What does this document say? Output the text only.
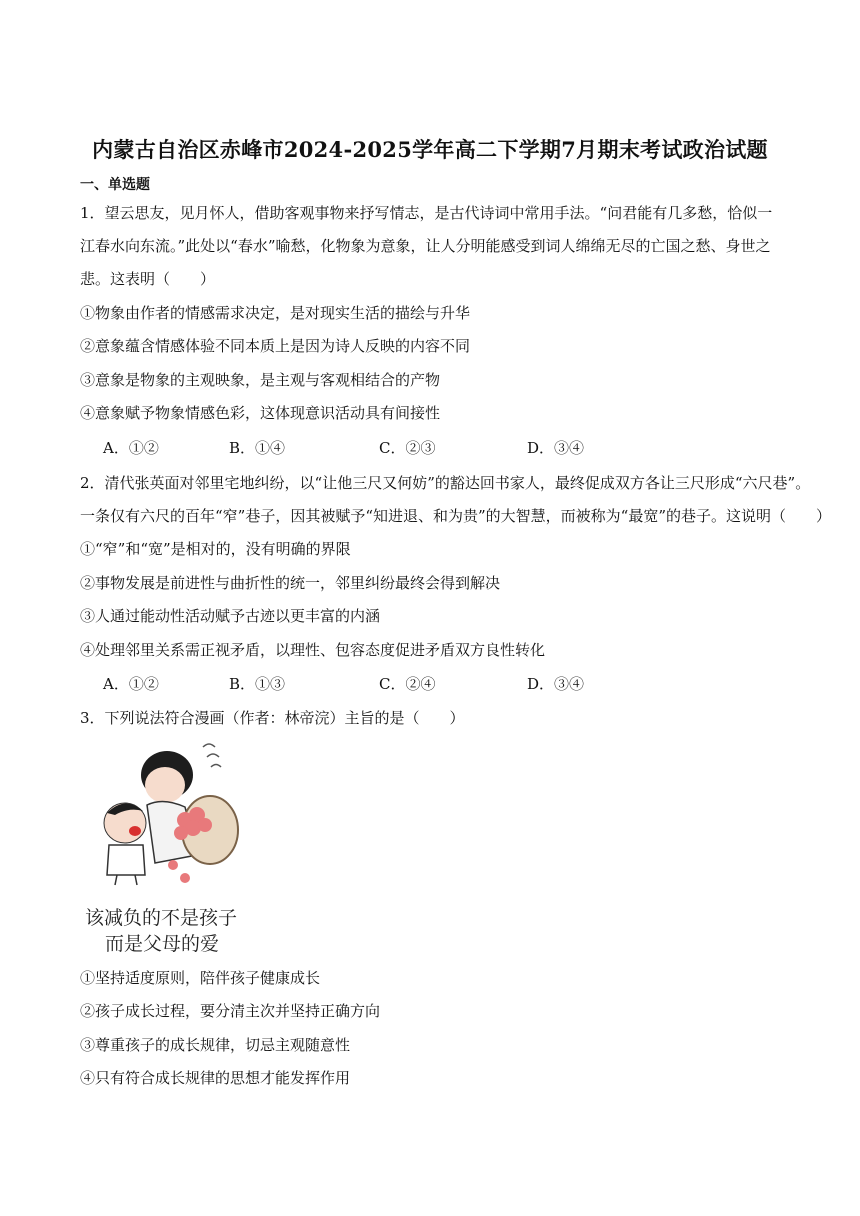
内蒙古自治区赤峰市2024-2025学年高二下学期7月期末考试政治试题
一、单选题
1．望云思友，见月怀人，借助客观事物来抒写情志，是古代诗词中常用手法。“问君能有几多愁，恰似一
江春水向东流。”此处以“春水”喻愁，化物象为意象，让人分明能感受到词人绵绵无尽的亡国之愁、身世之
悲。这表明（　　）
①物象由作者的情感需求决定，是对现实生活的描绘与升华
②意象蕴含情感体验不同本质上是因为诗人反映的内容不同
③意象是物象的主观映象，是主观与客观相结合的产物
④意象赋予物象情感色彩，这体现意识活动具有间接性
A．①②	B．①④	C．②③	D．③④
2．清代张英面对邻里宅地纠纷，以“让他三尺又何妨”的豁达回书家人，最终促成双方各让三尺形成“六尺巷”。
一条仅有六尺的百年“窄”巷子，因其被赋予“知进退、和为贵”的大智慧，而被称为“最宽”的巷子。这说明（　　）
①“窄”和“宽”是相对的，没有明确的界限
②事物发展是前进性与曲折性的统一，邻里纠纷最终会得到解决
③人通过能动性活动赋予古迹以更丰富的内涵
④处理邻里关系需正视矛盾，以理性、包容态度促进矛盾双方良性转化
A．①②	B．①③	C．②④	D．③④
3．下列说法符合漫画（作者：林帝浣）主旨的是（　　）
该减负的不是孩子
而是父母的爱
①坚持适度原则，陪伴孩子健康成长
②孩子成长过程，要分清主次并坚持正确方向
③尊重孩子的成长规律，切忌主观随意性
④只有符合成长规律的思想才能发挥作用
